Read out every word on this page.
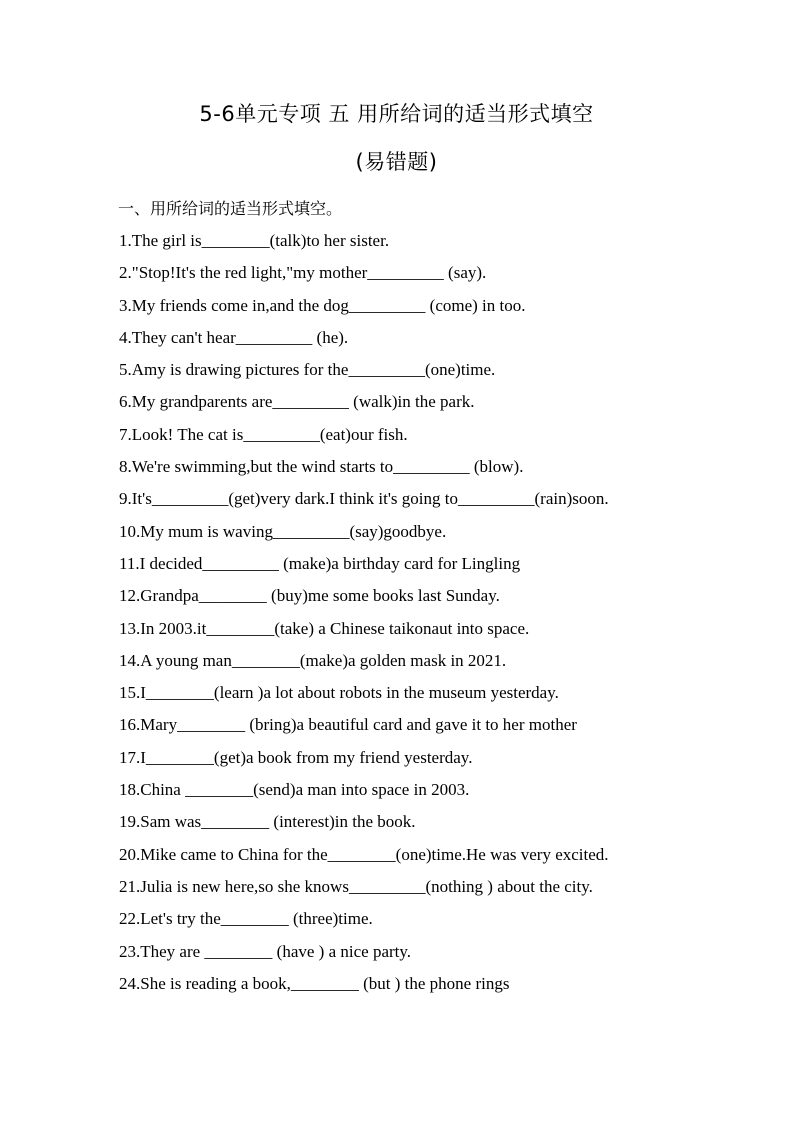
5-6单元专项 五 用所给词的适当形式填空
(易错题)
一、用所给词的适当形式填空。
1.The girl is________(talk)to her sister.
2."Stop!It's the red light,"my mother_________ (say).
3.My friends come in,and the dog_________ (come) in too.
4.They can't hear_________ (he).
5.Amy is drawing pictures for the_________(one)time.
6.My grandparents are_________ (walk)in the park.
7.Look! The cat is_________(eat)our fish.
8.We're swimming,but the wind starts to_________ (blow).
9.It's_________(get)very dark.I think it's going to_________(rain)soon.
10.My mum is waving_________(say)goodbye.
11.I decided_________ (make)a birthday card for Lingling
12.Grandpa________ (buy)me some books last Sunday.
13.In 2003.it________(take) a Chinese taikonaut into space.
14.A young man________(make)a golden mask in 2021.
15.I________(learn )a lot about robots in the museum yesterday.
16.Mary________ (bring)a beautiful card and gave it to her mother
17.I________(get)a book from my friend yesterday.
18.China ________(send)a man into space in 2003.
19.Sam was________ (interest)in the book.
20.Mike came to China for the________(one)time.He was very excited.
21.Julia is new here,so she knows_________(nothing ) about the city.
22.Let's try the________ (three)time.
23.They are ________ (have ) a nice party.
24.She is reading a book,________ (but ) the phone rings
